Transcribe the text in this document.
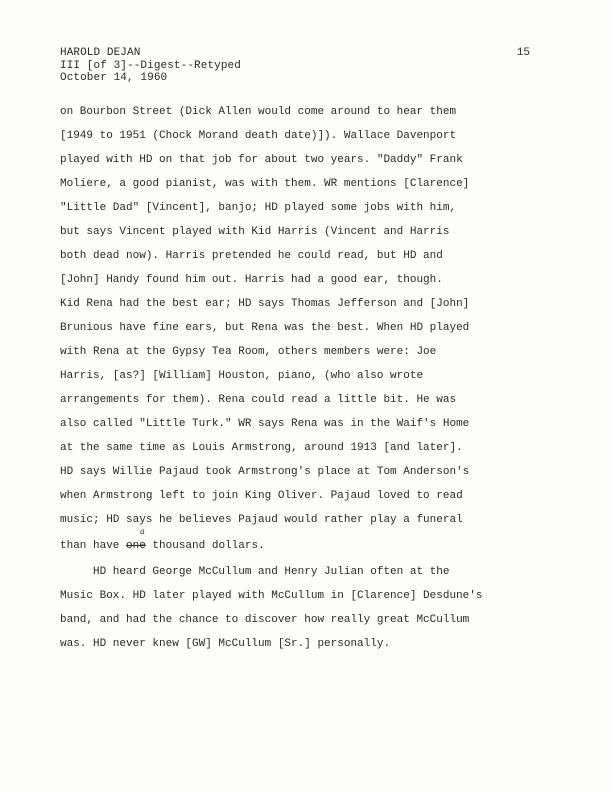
HAROLD DEJAN
III [of 3]--Digest--Retyped
October 14, 1960
15
on Bourbon Street (Dick Allen would come around to hear them
[1949 to 1951 (Chock Morand death date)]). Wallace Davenport
played with HD on that job for about two years. "Daddy" Frank
Moliere, a good pianist, was with them. WR mentions [Clarence]
"Little Dad" [Vincent], banjo; HD played some jobs with him,
but says Vincent played with Kid Harris (Vincent and Harris
both dead now). Harris pretended he could read, but HD and
[John] Handy found him out. Harris had a good ear, though.
Kid Rena had the best ear; HD says Thomas Jefferson and [John]
Brunious have fine ears, but Rena was the best. When HD played
with Rena at the Gypsy Tea Room, others members were: Joe
Harris, [as?] [William] Houston, piano, (who also wrote
arrangements for them). Rena could read a little bit. He was
also called "Little Turk." WR says Rena was in the Waif's Home
at the same time as Louis Armstrong, around 1913 [and later].
HD says Willie Pajaud took Armstrong's place at Tom Anderson's
when Armstrong left to join King Oliver. Pajaud loved to read
music; HD says he believes Pajaud would rather play a funeral
than have one thousand dollars.
a
HD heard George McCullum and Henry Julian often at the
Music Box. HD later played with McCullum in [Clarence] Desdune's
band, and had the chance to discover how really great McCullum
was. HD never knew [GW] McCullum [Sr.] personally.
